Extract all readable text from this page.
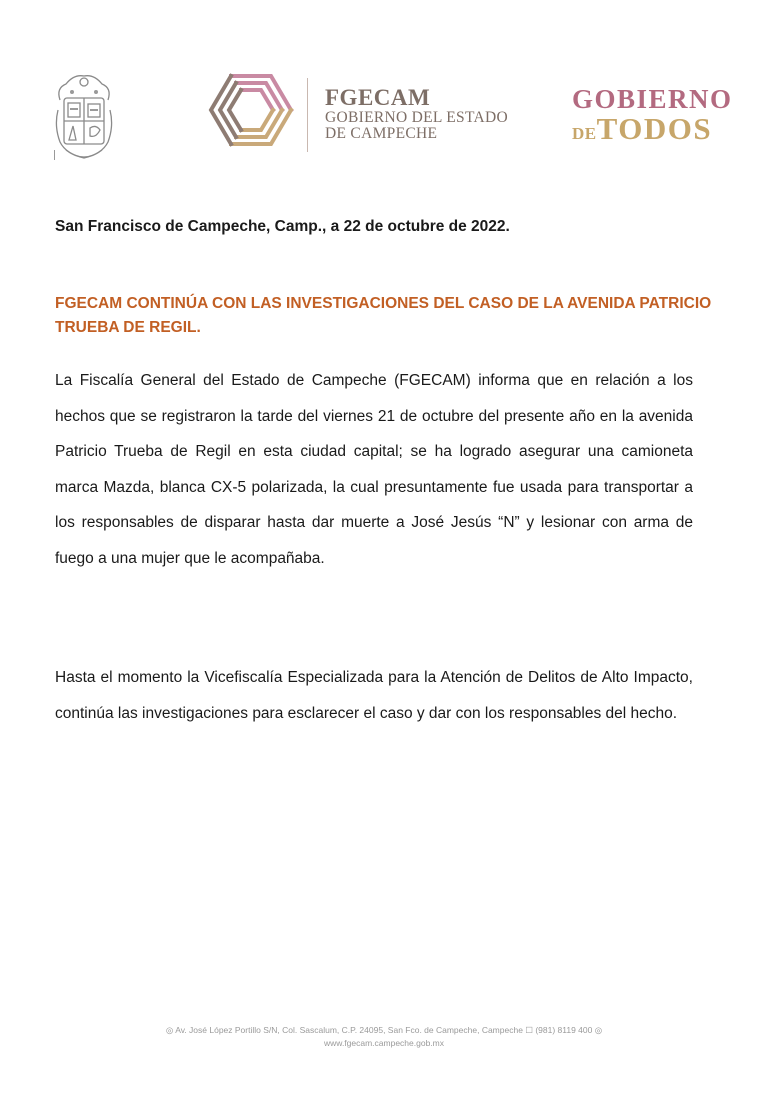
FGECAM
GOBIERNO DEL ESTADO
DE CAMPECHE
GOBIERNO
DETODOS
San Francisco de Campeche, Camp., a 22 de octubre de 2022.
FGECAM CONTINÚA CON LAS INVESTIGACIONES DEL CASO DE LA AVENIDA PATRICIO TRUEBA DE REGIL.
La Fiscalía General del Estado de Campeche (FGECAM) informa que en relación a los hechos que se registraron la tarde del viernes 21 de octubre del presente año en la avenida Patricio Trueba de Regil en esta ciudad capital; se ha logrado asegurar una camioneta marca Mazda, blanca CX-5 polarizada, la cual presuntamente fue usada para transportar a los responsables de disparar hasta dar muerte a José Jesús “N” y lesionar con arma de fuego a una mujer que le acompañaba.
Hasta el momento la Vicefiscalía Especializada para la Atención de Delitos de Alto Impacto, continúa las investigaciones para esclarecer el caso y dar con los responsables del hecho.
◎ Av. José López Portillo S/N, Col. Sascalum, C.P. 24095, San Fco. de Campeche, Campeche ☐ (981) 8119 400 ◎
www.fgecam.campeche.gob.mx
